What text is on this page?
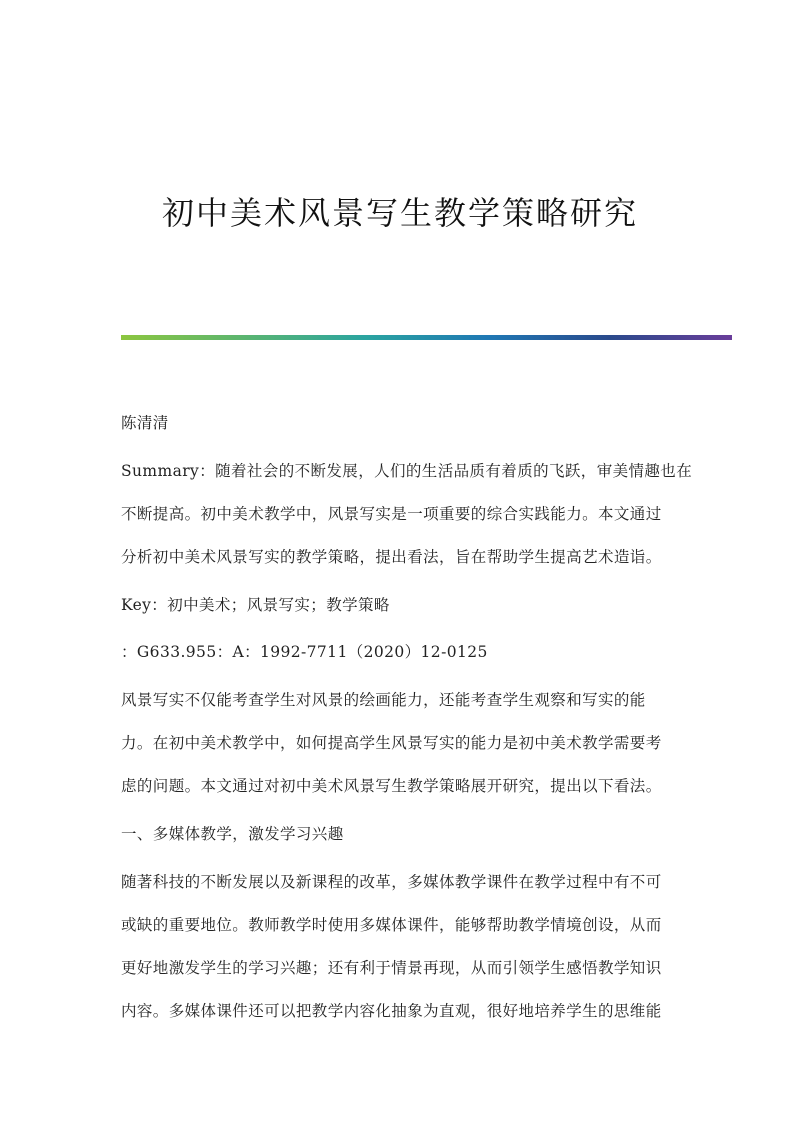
初中美术风景写生教学策略研究
陈清清
Summary：随着社会的不断发展，人们的生活品质有着质的飞跃，审美情趣也在
不断提高。初中美术教学中，风景写实是一项重要的综合实践能力。本文通过
分析初中美术风景写实的教学策略，提出看法，旨在帮助学生提高艺术造诣。
Key：初中美术；风景写实；教学策略
：G633.955：A：1992-7711（2020）12-0125
风景写实不仅能考查学生对风景的绘画能力，还能考查学生观察和写实的能
力。在初中美术教学中，如何提高学生风景写实的能力是初中美术教学需要考
虑的问题。本文通过对初中美术风景写生教学策略展开研究，提出以下看法。
一、多媒体教学，激发学习兴趣
随著科技的不断发展以及新课程的改革，多媒体教学课件在教学过程中有不可
或缺的重要地位。教师教学时使用多媒体课件，能够帮助教学情境创设，从而
更好地激发学生的学习兴趣；还有利于情景再现，从而引领学生感悟教学知识
内容。多媒体课件还可以把教学内容化抽象为直观，很好地培养学生的思维能
